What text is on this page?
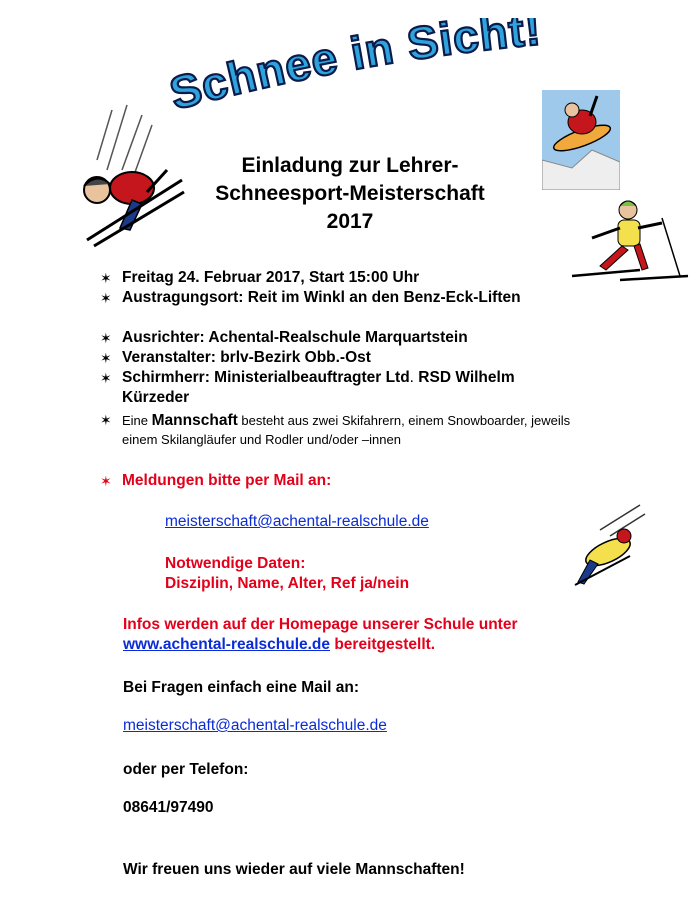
Schnee in Sicht!
Einladung zur Lehrer-
Schneesport-Meisterschaft
2017
✶ Freitag 24. Februar 2017, Start 15:00 Uhr
✶ Austragungsort: Reit im Winkl an den Benz-Eck-Liften
✶ Ausrichter: Achental-Realschule Marquartstein
✶ Veranstalter: brlv-Bezirk Obb.-Ost
✶ Schirmherr: Ministerialbeauftragter Ltd. RSD Wilhelm
Kürzeder
✶ Eine Mannschaft besteht aus zwei Skifahrern, einem Snowboarder, jeweils
einem Skilangläufer und Rodler und/oder –innen
✶ Meldungen bitte per Mail an:
meisterschaft@achental-realschule.de
Notwendige Daten:
Disziplin, Name, Alter, Ref ja/nein
Infos werden auf der Homepage unserer Schule unter
www.achental-realschule.de bereitgestellt.
Bei Fragen einfach eine Mail an:
meisterschaft@achental-realschule.de
oder per Telefon:
08641/97490
Wir freuen uns wieder auf viele Mannschaften!
